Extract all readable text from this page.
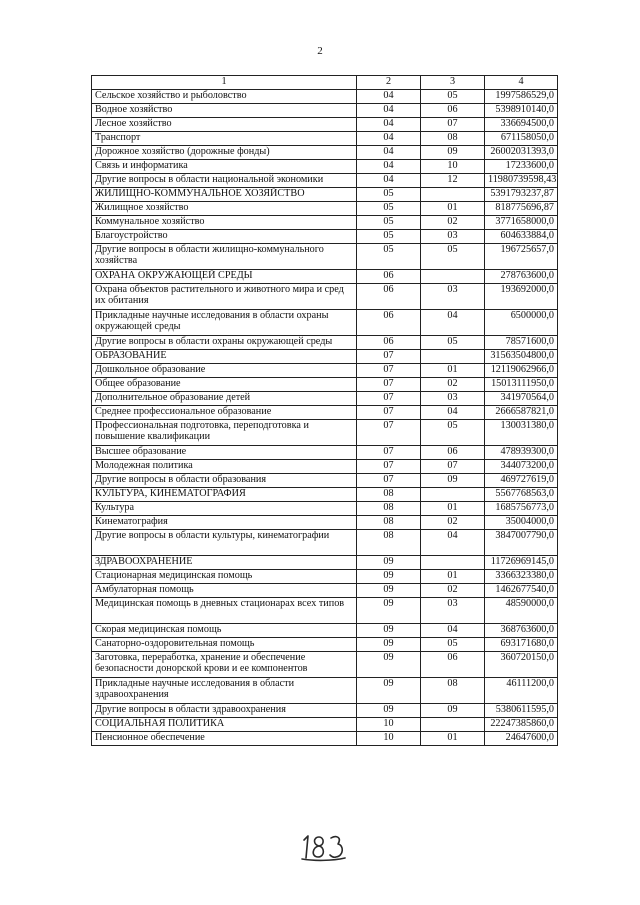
2
1	2	3	4
Сельское хозяйство и рыболовство	04	05	1997586529,0
Водное хозяйство	04	06	5398910140,0
Лесное хозяйство	04	07	336694500,0
Транспорт	04	08	671158050,0
Дорожное хозяйство (дорожные фонды)	04	09	26002031393,0
Связь и информатика	04	10	17233600,0
Другие вопросы в области национальной экономики	04	12	11980739598,43
ЖИЛИЩНО-КОММУНАЛЬНОЕ ХОЗЯЙСТВО	05		5391793237,87
Жилищное хозяйство	05	01	818775696,87
Коммунальное хозяйство	05	02	3771658000,0
Благоустройство	05	03	604633884,0
Другие вопросы в области жилищно-коммунального хозяйства	05	05	196725657,0
ОХРАНА ОКРУЖАЮЩЕЙ СРЕДЫ	06		278763600,0
Охрана объектов растительного и животного мира и сред их обитания	06	03	193692000,0
Прикладные научные исследования в области охраны окружающей среды	06	04	6500000,0
Другие вопросы в области охраны окружающей среды	06	05	78571600,0
ОБРАЗОВАНИЕ	07		31563504800,0
Дошкольное образование	07	01	12119062966,0
Общее образование	07	02	15013111950,0
Дополнительное образование детей	07	03	341970564,0
Среднее профессиональное образование	07	04	2666587821,0
Профессиональная подготовка, переподготовка и повышение квалификации	07	05	130031380,0
Высшее образование	07	06	478939300,0
Молодежная политика	07	07	344073200,0
Другие вопросы в области образования	07	09	469727619,0
КУЛЬТУРА, КИНЕМАТОГРАФИЯ	08		5567768563,0
Культура	08	01	1685756773,0
Кинематография	08	02	35004000,0
Другие вопросы в области культуры, кинематографии	08	04	3847007790,0
ЗДРАВООХРАНЕНИЕ	09		11726969145,0
Стационарная медицинская помощь	09	01	3366323380,0
Амбулаторная помощь	09	02	1462677540,0
Медицинская помощь в дневных стационарах всех типов	09	03	48590000,0
Скорая медицинская помощь	09	04	368763600,0
Санаторно-оздоровительная помощь	09	05	693171680,0
Заготовка, переработка, хранение и обеспечение безопасности донорской крови и ее компонентов	09	06	360720150,0
Прикладные научные исследования в области здравоохранения	09	08	46111200,0
Другие вопросы в области здравоохранения	09	09	5380611595,0
СОЦИАЛЬНАЯ ПОЛИТИКА	10		22247385860,0
Пенсионное обеспечение	10	01	24647600,0
